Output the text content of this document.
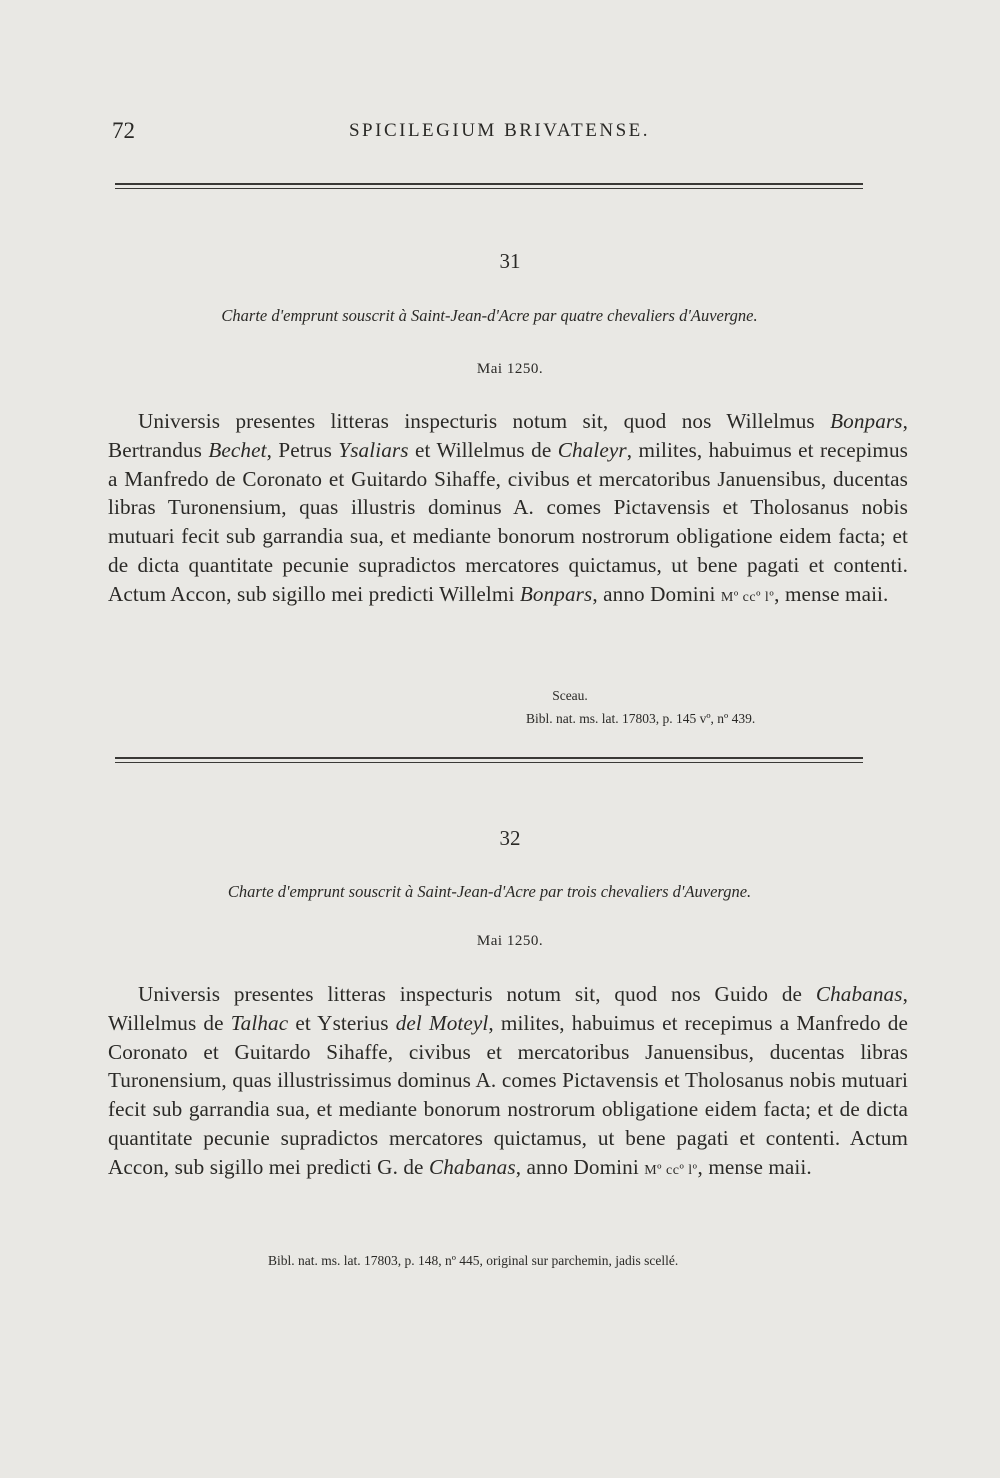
72	SPICILEGIUM BRIVATENSE.
31
Charte d'emprunt souscrit à Saint-Jean-d'Acre par quatre chevaliers d'Auvergne.
Mai 1250.

Universis presentes litteras inspecturis notum sit, quod nos Willelmus Bonpars, Bertrandus Bechet, Petrus Ysaliars et Willelmus de Chaleyr, milites, habuimus et recepimus a Manfredo de Coronato et Guitardo Sihaffe, civibus et mercatoribus Januensibus, ducentas libras Turonensium, quas illustris dominus A. comes Pictavensis et Tholosanus nobis mutuari fecit sub garrandia sua, et mediante bonorum nostrorum obligatione eidem facta; et de dicta quantitate pecunie supradictos mercatores quictamus, ut bene pagati et contenti. Actum Accon, sub sigillo mei predicti Willelmi Bonpars, anno Domini Mº ccº lº, mense maii.

Sceau.
Bibl. nat. ms. lat. 17803, p. 145 vº, nº 439.
32
Charte d'emprunt souscrit à Saint-Jean-d'Acre par trois chevaliers d'Auvergne.
Mai 1250.

Universis presentes litteras inspecturis notum sit, quod nos Guido de Chabanas, Willelmus de Talhac et Ysterius del Moteyl, milites, habuimus et recepimus a Manfredo de Coronato et Guitardo Sihaffe, civibus et mercatoribus Januensibus, ducentas libras Turonensium, quas illustrissimus dominus A. comes Pictavensis et Tholosanus nobis mutuari fecit sub garrandia sua, et mediante bonorum nostrorum obligatione eidem facta; et de dicta quantitate pecunie supradictos mercatores quictamus, ut bene pagati et contenti. Actum Accon, sub sigillo mei predicti G. de Chabanas, anno Domini Mº ccº lº, mense maii.

Bibl. nat. ms. lat. 17803, p. 148, nº 445, original sur parchemin, jadis scellé.
